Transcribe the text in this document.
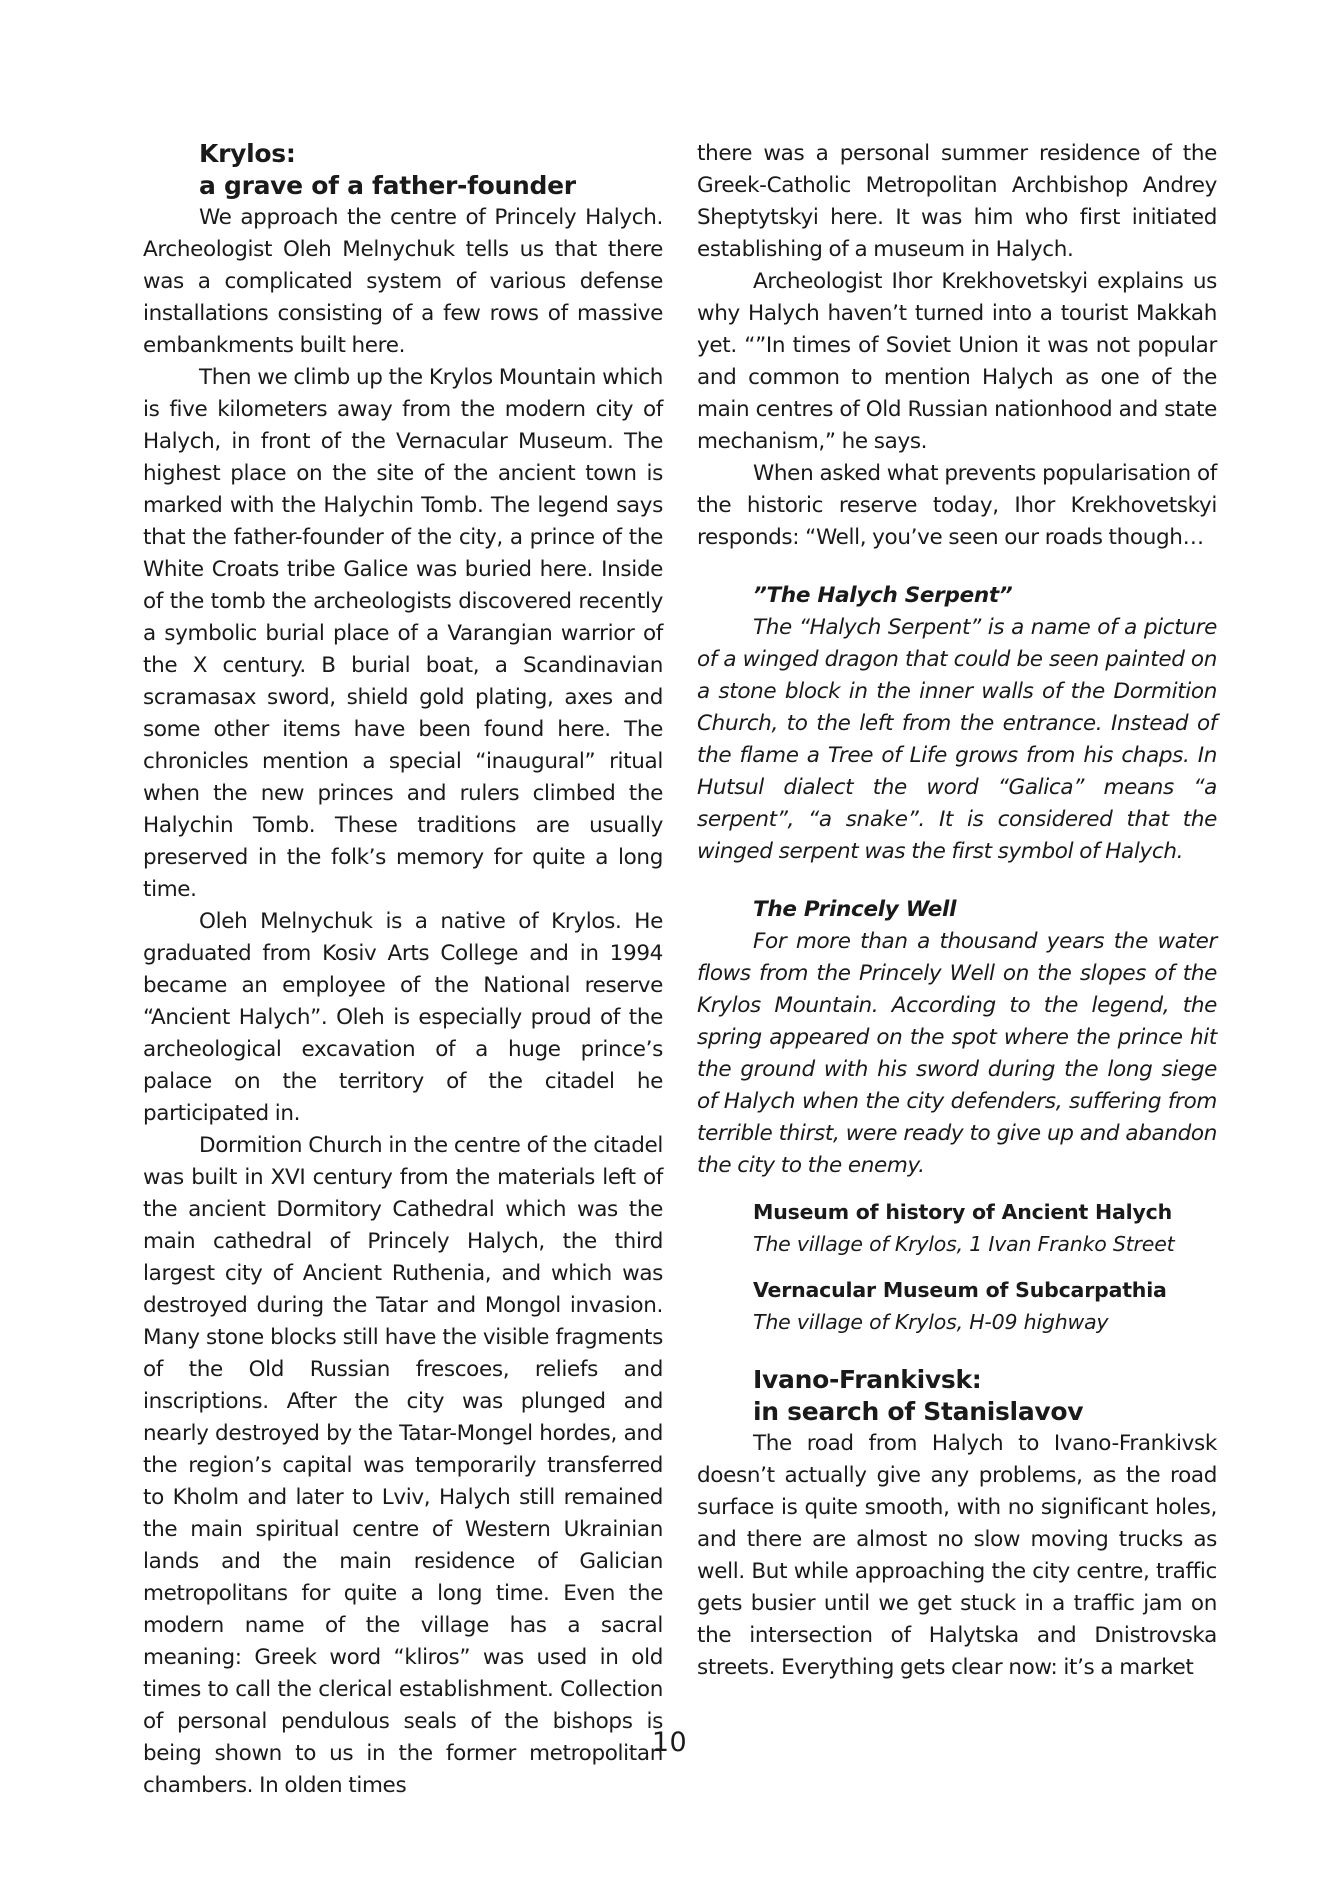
Krylos:
a grave of a father-founder

We approach the centre of Princely Halych. Archeologist Oleh Melnychuk tells us that there was a complicated system of various defense installations consisting of a few rows of massive embankments built here.

Then we climb up the Krylos Mountain which is five kilometers away from the modern city of Halych, in front of the Vernacular Museum. The highest place on the site of the ancient town is marked with the Halychin Tomb. The legend says that the father-founder of the city, a prince of the White Croats tribe Galice was buried here. Inside of the tomb the archeologists discovered recently a symbolic burial place of a Varangian warrior of the X century. B burial boat, a Scandinavian scramasax sword, shield gold plating, axes and some other items have been found here. The chronicles mention a special “inaugural” ritual when the new princes and rulers climbed the Halychin Tomb. These traditions are usually preserved in the folk’s memory for quite a long time.

Oleh Melnychuk is a native of Krylos. He graduated from Kosiv Arts College and in 1994 became an employee of the National reserve “Ancient Halych”. Oleh is especially proud of the archeological excavation of a huge prince’s palace on the territory of the citadel he participated in.

Dormition Church in the centre of the citadel was built in XVI century from the materials left of the ancient Dormitory Cathedral which was the main cathedral of Princely Halych, the third largest city of Ancient Ruthenia, and which was destroyed during the Tatar and Mongol invasion. Many stone blocks still have the visible fragments of the Old Russian frescoes, reliefs and inscriptions. After the city was plunged and nearly destroyed by the Tatar-Mongel hordes, and the region’s capital was temporarily transferred to Kholm and later to Lviv, Halych still remained the main spiritual centre of Western Ukrainian lands and the main residence of Galician metropolitans for quite a long time. Even the modern name of the village has a sacral meaning: Greek word “kliros” was used in old times to call the clerical establishment. Collection of personal pendulous seals of the bishops is being shown to us in the former metropolitan chambers. In olden times

there was a personal summer residence of the Greek-Catholic Metropolitan Archbishop Andrey Sheptytskyi here. It was him who first initiated establishing of a museum in Halych.

Archeologist Ihor Krekhovetskyi explains us why Halych haven’t turned into a tourist Makkah yet. “”In times of Soviet Union it was not popular and common to mention Halych as one of the main centres of Old Russian nationhood and state mechanism,” he says.

When asked what prevents popularisation of the historic reserve today, Ihor Krekhovetskyi responds: “Well, you’ve seen our roads though…

”The Halych Serpent”

The “Halych Serpent” is a name of a picture of a winged dragon that could be seen painted on a stone block in the inner walls of the Dormition Church, to the left from the entrance. Instead of the flame a Tree of Life grows from his chaps. In Hutsul dialect the word “Galica” means “a serpent”, “a snake”. It is considered that the winged serpent was the first symbol of Halych.

The Princely Well

For more than a thousand years the water flows from the Princely Well on the slopes of the Krylos Mountain. According to the legend, the spring appeared on the spot where the prince hit the ground with his sword during the long siege of Halych when the city defenders, suffering from terrible thirst, were ready to give up and abandon the city to the enemy.

Museum of history of Ancient Halych
The village of Krylos, 1 Ivan Franko Street
Vernacular Museum of Subcarpathia
The village of Krylos, H-09 highway
Ivano-Frankivsk:
in search of Stanislavov

The road from Halych to Ivano-Frankivsk doesn’t actually give any problems, as the road surface is quite smooth, with no significant holes, and there are almost no slow moving trucks as well. But while approaching the city centre, traffic gets busier until we get stuck in a traffic jam on the intersection of Halytska and Dnistrovska streets. Everything gets clear now: it’s a market

10
